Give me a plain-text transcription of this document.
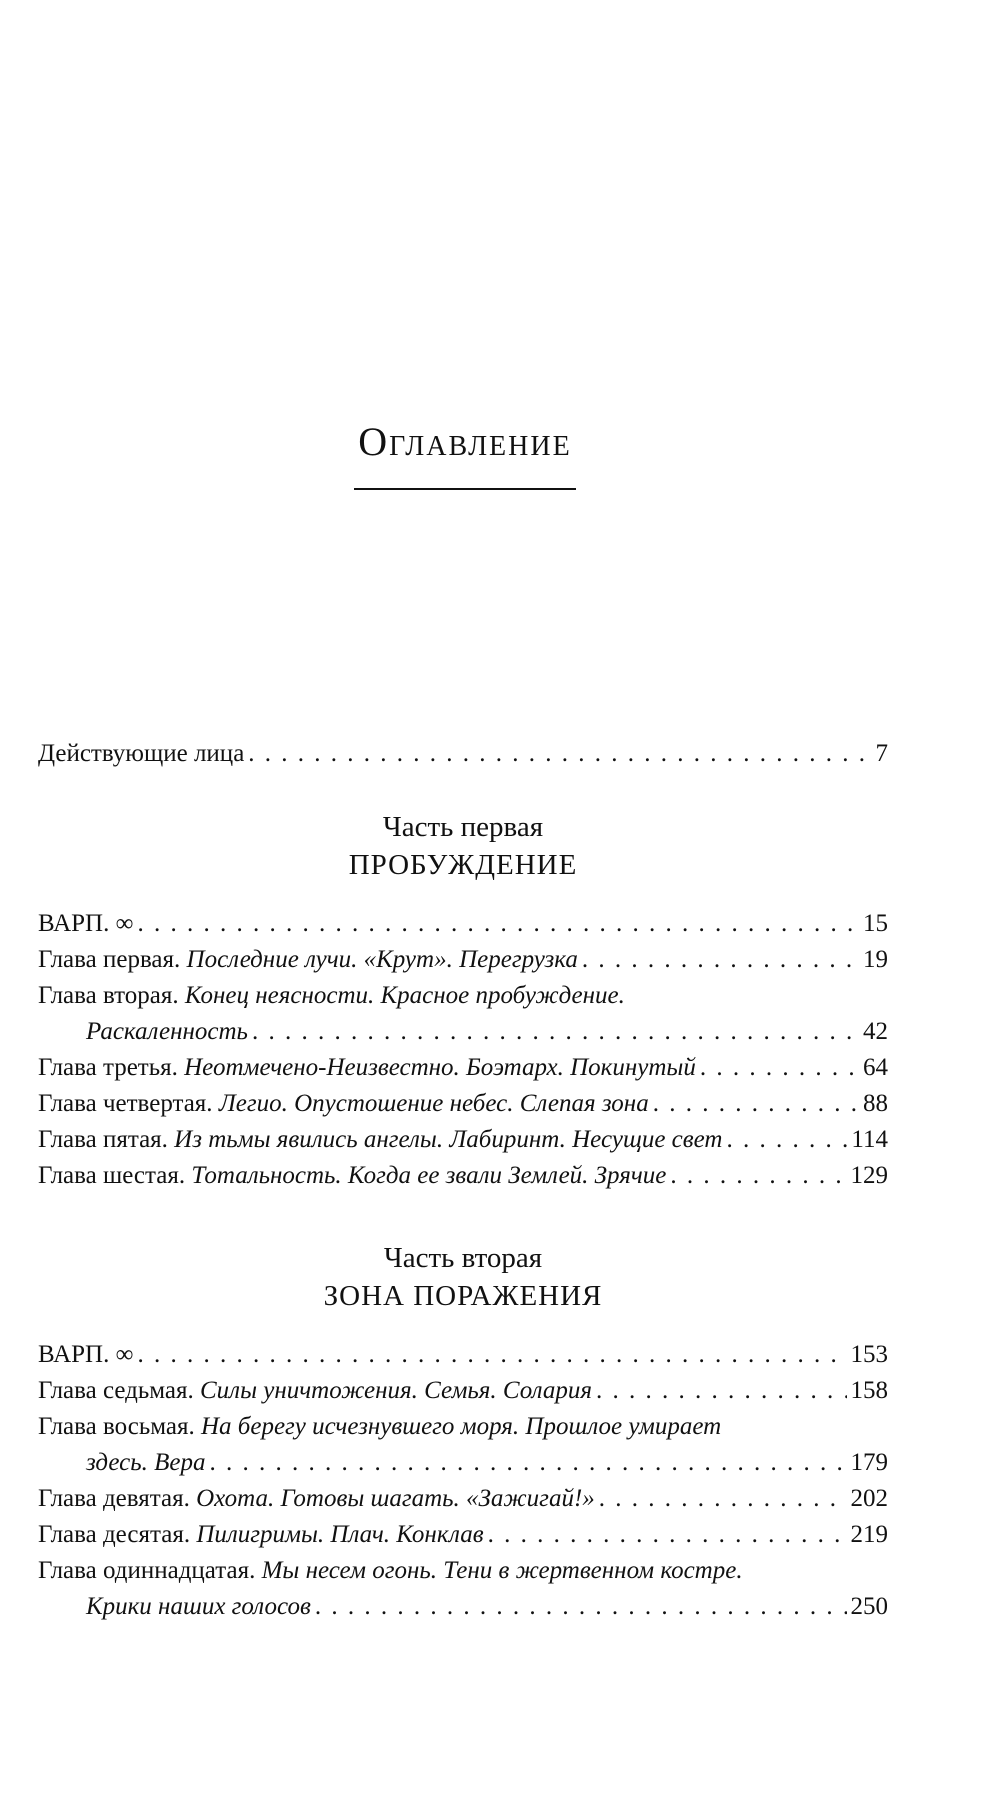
Оглавление
Действующие лица . . .	7
Часть первая
ПРОБУЖДЕНИЕ
ВАРП. ∞ . . .	15
Глава первая.
Последние лучи. «Крут». Перегрузка . . .	19
Глава вторая. Конец неясности. Красное пробуждение.
Раскаленность . . .	42
Глава третья.
Неотмечено-Неизвестно. Боэтарх. Покинутый . . .	64
Глава четвертая.
Легио. Опустошение небес. Слепая зона . . .	88
Глава пятая.
Из тьмы явились ангелы. Лабиринт. Несущие свет . . .	114
Глава шестая.
Тотальность. Когда ее звали Землей. Зрячие . . .	129
Часть вторая
ЗОНА ПОРАЖЕНИЯ
ВАРП. ∞ . . .	153
Глава седьмая.
Силы уничтожения. Семья. Солария . . .	158
Глава восьмая. На берегу исчезнувшего моря. Прошлое умирает
здесь. Вера . . .	179
Глава девятая.
Охота. Готовы шагать. «Зажигай!» . . .	202
Глава десятая.
Пилигримы. Плач. Конклав . . .	219
Глава одиннадцатая. Мы несем огонь. Тени в жертвенном костре.
Крики наших голосов . . .	250
